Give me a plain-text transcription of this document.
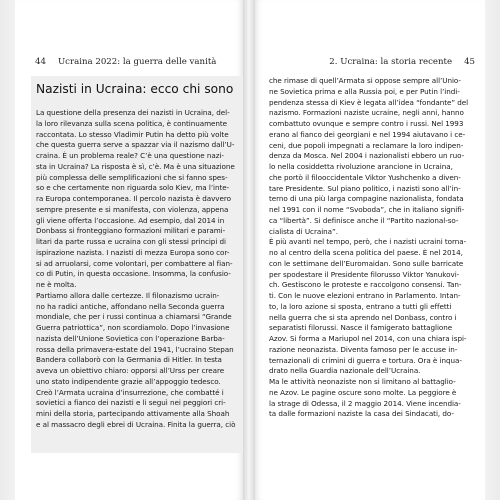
44 Ucraina 2022: la guerra delle vanità
Nazisti in Ucraina: ecco chi sono
La questione della presenza dei nazisti in Ucraina, del-
la loro rilevanza sulla scena politica, è continuamente
raccontata. Lo stesso Vladimir Putin ha detto più volte
che questa guerra serve a spazzar via il nazismo dall’U-
craina. È un problema reale? C’è una questione nazi-
sta in Ucraina? La risposta è sì, c’è. Ma è una situazione
più complessa delle semplificazioni che si fanno spes-
so e che certamente non riguarda solo Kiev, ma l’inte-
ra Europa contemporanea. Il percolo nazista è davvero
sempre presente e si manifesta, con violenza, appena
gli viene offerta l’occasione. Ad esempio, dal 2014 in
Donbass si fronteggiano formazioni militari e parami-
litari da parte russa e ucraina con gli stessi principi di
ispirazione nazista. I nazisti di mezza Europa sono cor-
si ad arruolarsi, come volontari, per combattere al fian-
co di Putin, in questa occasione. Insomma, la confusio-
ne è molta.
Partiamo allora dalle certezze. Il filonazismo ucrain-
no ha radici antiche, affondano nella Seconda guerra
mondiale, che per i russi continua a chiamarsi “Grande
Guerra patriottica”, non scordiamolo. Dopo l’invasione
nazista dell’Unione Sovietica con l’operazione Barba-
rossa della primavera-estate del 1941, l’ucraino Stepan
Bandera collaborò con la Germania di Hitler. In testa
aveva un obiettivo chiaro: opporsi all’Urss per creare
uno stato indipendente grazie all’appoggio tedesco.
Creò l’Armata ucraina d’insurrezione, che combatté i
sovietici a fianco dei nazisti e li seguì nei peggiori cri-
mini della storia, partecipando attivamente alla Shoah
e al massacro degli ebrei di Ucraina. Finita la guerra, ciò
2. Ucraina: la storia recente 45
che rimase di quell’Armata si oppose sempre all’Unio-
ne Sovietica prima e alla Russia poi, e per Putin l’indi-
pendenza stessa di Kiev è legata all’idea “fondante” del
nazismo. Formazioni naziste ucraine, negli anni, hanno
combattuto ovunque e sempre contro i russi. Nel 1993
erano al fianco dei georgiani e nel 1994 aiutavano i ce-
ceni, due popoli impegnati a reclamare la loro indipen-
denza da Mosca. Nel 2004 i nazionalisti ebbero un ruo-
lo nella cosiddetta rivoluzione arancione in Ucraina,
che portò il filooccidentale Viktor Yushchenko a diven-
tare Presidente. Sul piano politico, i nazisti sono all’in-
terno di una più larga compagine nazionalista, fondata
nel 1991 con il nome “Svoboda”, che in italiano signifi-
ca “libertà”. Si definisce anche il “Partito nazional-so-
cialista di Ucraina”.
È più avanti nel tempo, però, che i nazisti ucraini torna-
no al centro della scena politica del paese. È nel 2014,
con le settimane dell’Euromaidan. Sono sulle barricate
per spodestare il Presidente filorusso Viktor Yanukovi-
ch. Gestiscono le proteste e raccolgono consensi. Tan-
ti. Con le nuove elezioni entrano in Parlamento. Intan-
to, la loro azione si sposta, entrano a tutti gli effetti
nella guerra che si sta aprendo nel Donbass, contro i
separatisti filorussi. Nasce il famigerato battaglione
Azov. Si forma a Mariupol nel 2014, con una chiara ispi-
razione neonazista. Diventa famoso per le accuse in-
ternazionali di crimini di guerra e tortura. Ora è inqua-
drato nella Guardia nazionale dell’Ucraina.
Ma le attività neonaziste non si limitano al battaglio-
ne Azov. Le pagine oscure sono molte. La peggiore è
la strage di Odessa, il 2 maggio 2014. Viene incendia-
ta dalle formazioni naziste la casa dei Sindacati, do-
